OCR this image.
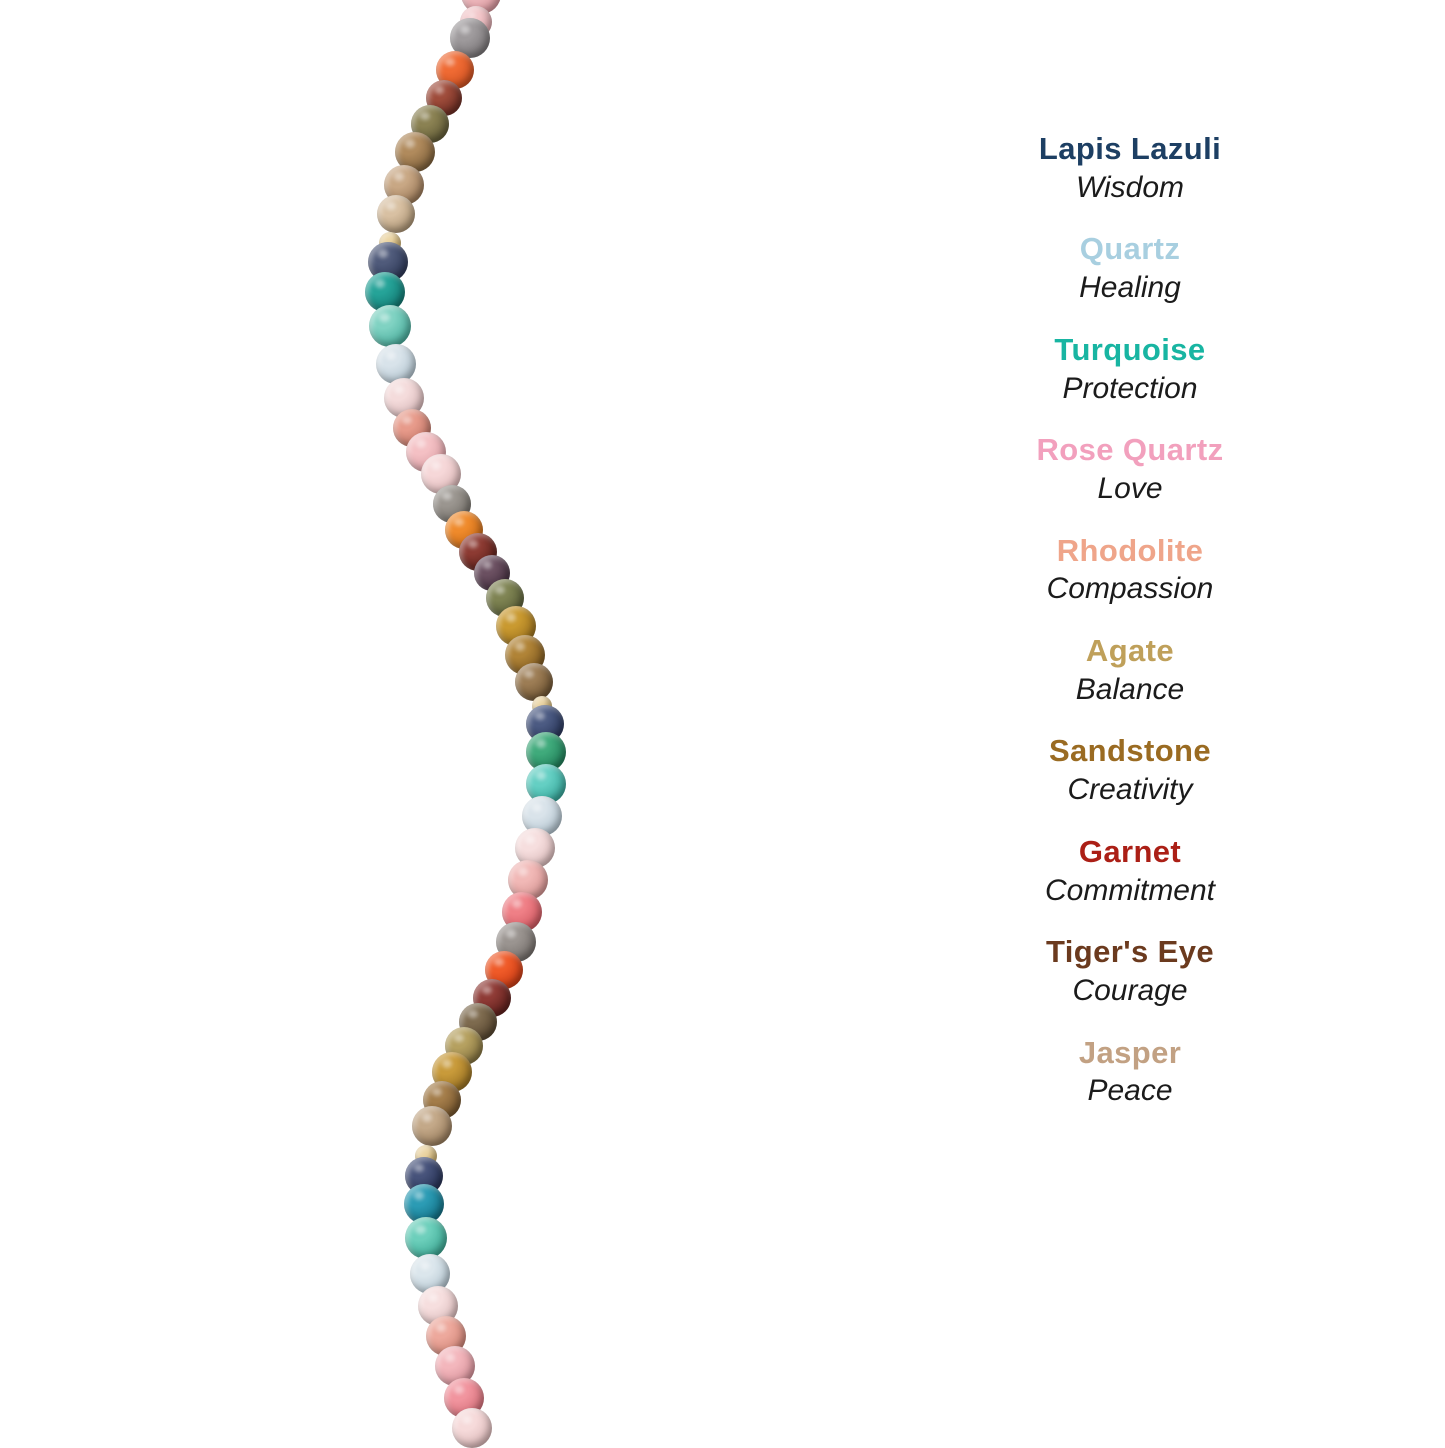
Lapis Lazuli
Wisdom
Quartz
Healing
Turquoise
Protection
Rose Quartz
Love
Rhodolite
Compassion
Agate
Balance
Sandstone
Creativity
Garnet
Commitment
Tiger's Eye
Courage
Jasper
Peace
